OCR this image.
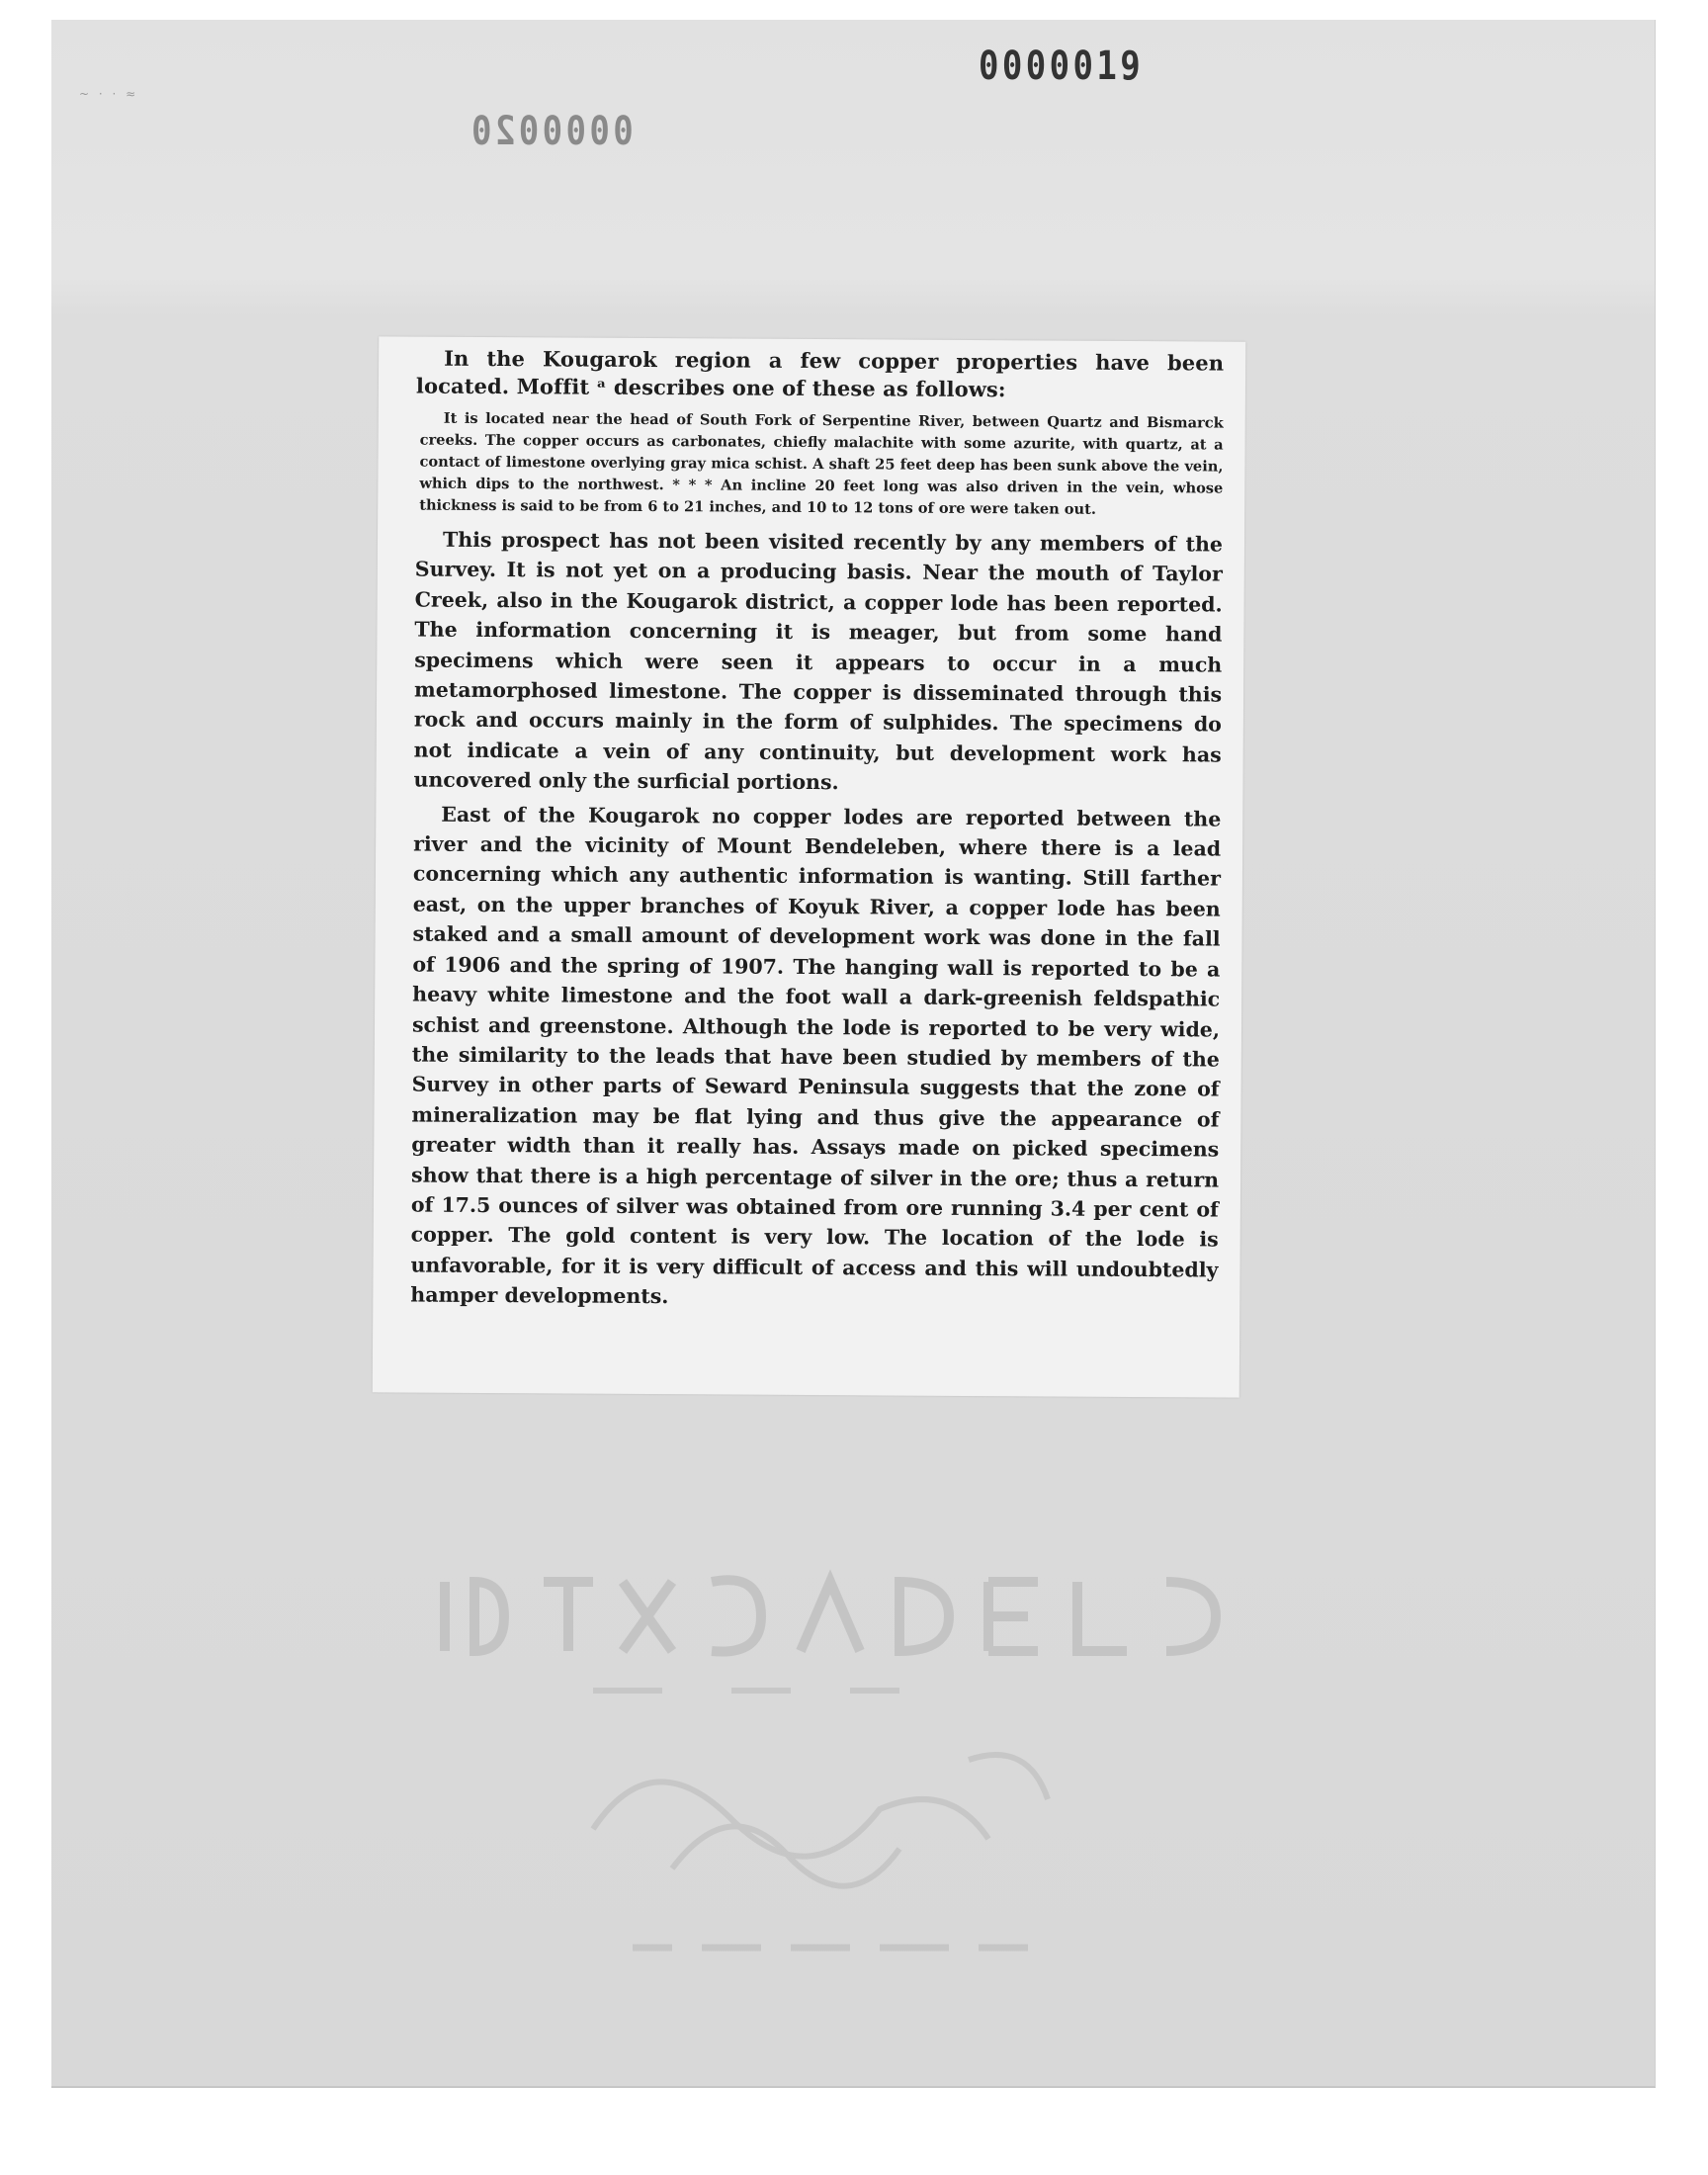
~ · · ≈
0000019
0000020

In the Kougarok region a few copper properties have been located. Moffit ᵃ describes one of these as follows:

It is located near the head of South Fork of Serpentine River, between Quartz and Bismarck creeks. The copper occurs as carbonates, chiefly malachite with some azurite, with quartz, at a contact of limestone overlying gray mica schist. A shaft 25 feet deep has been sunk above the vein, which dips to the northwest. * * * An incline 20 feet long was also driven in the vein, whose thickness is said to be from 6 to 21 inches, and 10 to 12 tons of ore were taken out.

This prospect has not been visited recently by any members of the Survey. It is not yet on a producing basis. Near the mouth of Taylor Creek, also in the Kougarok district, a copper lode has been reported. The information concerning it is meager, but from some hand specimens which were seen it appears to occur in a much metamorphosed limestone. The copper is disseminated through this rock and occurs mainly in the form of sulphides. The specimens do not indicate a vein of any continuity, but development work has uncovered only the surficial portions.

East of the Kougarok no copper lodes are reported between the river and the vicinity of Mount Bendeleben, where there is a lead concerning which any authentic information is wanting. Still farther east, on the upper branches of Koyuk River, a copper lode has been staked and a small amount of development work was done in the fall of 1906 and the spring of 1907. The hanging wall is reported to be a heavy white limestone and the foot wall a dark-greenish feldspathic schist and greenstone. Although the lode is reported to be very wide, the similarity to the leads that have been studied by members of the Survey in other parts of Seward Peninsula suggests that the zone of mineralization may be flat lying and thus give the appearance of greater width than it really has. Assays made on picked specimens show that there is a high percentage of silver in the ore; thus a return of 17.5 ounces of silver was obtained from ore running 3.4 per cent of copper. The gold content is very low. The location of the lode is unfavorable, for it is very difficult of access and this will undoubtedly hamper developments.
